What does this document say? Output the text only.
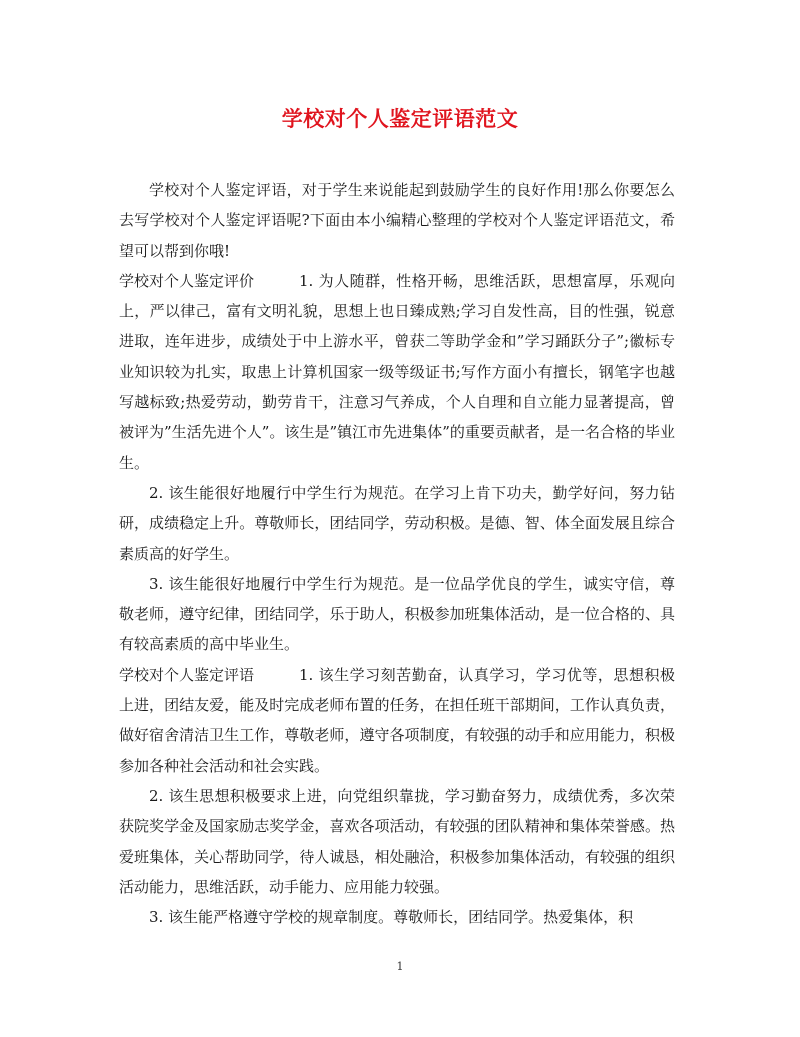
学校对个人鉴定评语范文

学校对个人鉴定评语，对于学生来说能起到鼓励学生的良好作用!那么你要怎么去写学校对个人鉴定评语呢?下面由本小编精心整理的学校对个人鉴定评语范文，希望可以帮到你哦!

学校对个人鉴定评价	1. 为人随群，性格开畅，思维活跃，思想富厚，乐观向上，严以律己，富有文明礼貌，思想上也日臻成熟;学习自发性高，目的性强，锐意进取，连年进步，成绩处于中上游水平，曾获二等助学金和”学习踊跃分子”;徽标专业知识较为扎实，取患上计算机国家一级等级证书;写作方面小有擅长，钢笔字也越写越标致;热爱劳动，勤劳肯干，注意习气养成，个人自理和自立能力显著提高，曾被评为”生活先进个人”。该生是”镇江市先进集体”的重要贡献者，是一名合格的毕业生。

2. 该生能很好地履行中学生行为规范。在学习上肯下功夫，勤学好问，努力钻研，成绩稳定上升。尊敬师长，团结同学，劳动积极。是德、智、体全面发展且综合素质高的好学生。

3. 该生能很好地履行中学生行为规范。是一位品学优良的学生，诚实守信，尊敬老师，遵守纪律，团结同学，乐于助人，积极参加班集体活动，是一位合格的、具有较高素质的高中毕业生。

学校对个人鉴定评语	1. 该生学习刻苦勤奋，认真学习，学习优等，思想积极上进，团结友爱，能及时完成老师布置的任务，在担任班干部期间，工作认真负责，做好宿舍清洁卫生工作，尊敬老师，遵守各项制度，有较强的动手和应用能力，积极参加各种社会活动和社会实践。

2. 该生思想积极要求上进，向党组织靠拢，学习勤奋努力，成绩优秀，多次荣获院奖学金及国家励志奖学金，喜欢各项活动，有较强的团队精神和集体荣誉感。热爱班集体，关心帮助同学，待人诚恳，相处融洽，积极参加集体活动，有较强的组织活动能力，思维活跃，动手能力、应用能力较强。

3. 该生能严格遵守学校的规章制度。尊敬师长，团结同学。热爱集体，积

1
